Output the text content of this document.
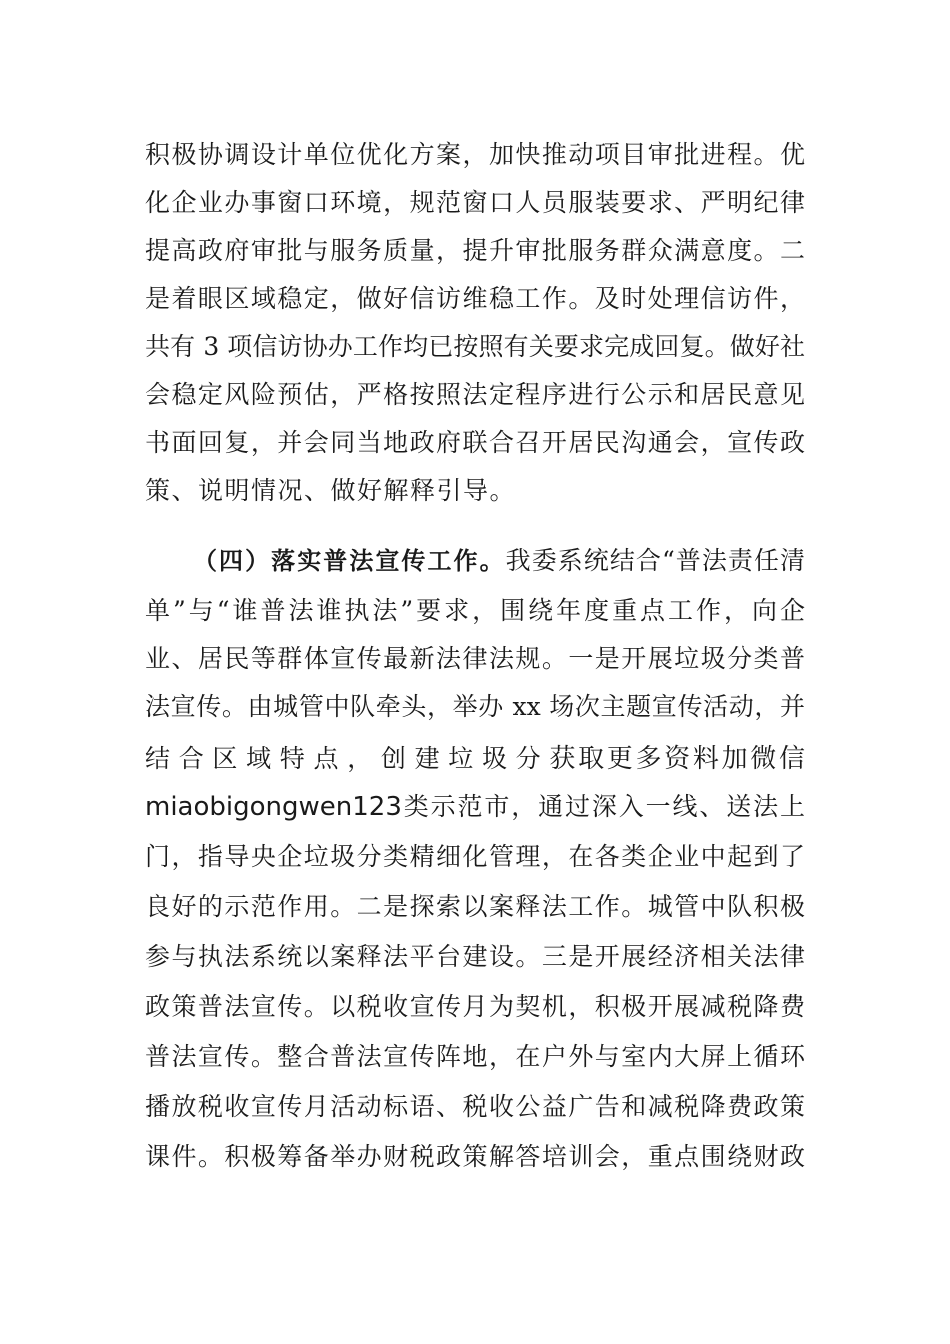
积极协调设计单位优化方案，加快推动项目审批进程。优
化企业办事窗口环境，规范窗口人员服装要求、严明纪律
提高政府审批与服务质量，提升审批服务群众满意度。二
是着眼区域稳定，做好信访维稳工作。及时处理信访件，
共有 3 项信访协办工作均已按照有关要求完成回复。做好社
会稳定风险预估，严格按照法定程序进行公示和居民意见
书面回复，并会同当地政府联合召开居民沟通会，宣传政
策、说明情况、做好解释引导。
（四）落实普法宣传工作。我委系统结合“普法责任清
单”与“谁普法谁执法”要求，围绕年度重点工作，向企
业、居民等群体宣传最新法律法规。一是开展垃圾分类普
法宣传。由城管中队牵头，举办 xx 场次主题宣传活动，并
结合区域特点，创建垃圾分获取更多资料加微信
miaobigongwen123类示范市，通过深入一线、送法上
门，指导央企垃圾分类精细化管理，在各类企业中起到了
良好的示范作用。二是探索以案释法工作。城管中队积极
参与执法系统以案释法平台建设。三是开展经济相关法律
政策普法宣传。以税收宣传月为契机，积极开展减税降费
普法宣传。整合普法宣传阵地，在户外与室内大屏上循环
播放税收宣传月活动标语、税收公益广告和减税降费政策
课件。积极筹备举办财税政策解答培训会，重点围绕财政
